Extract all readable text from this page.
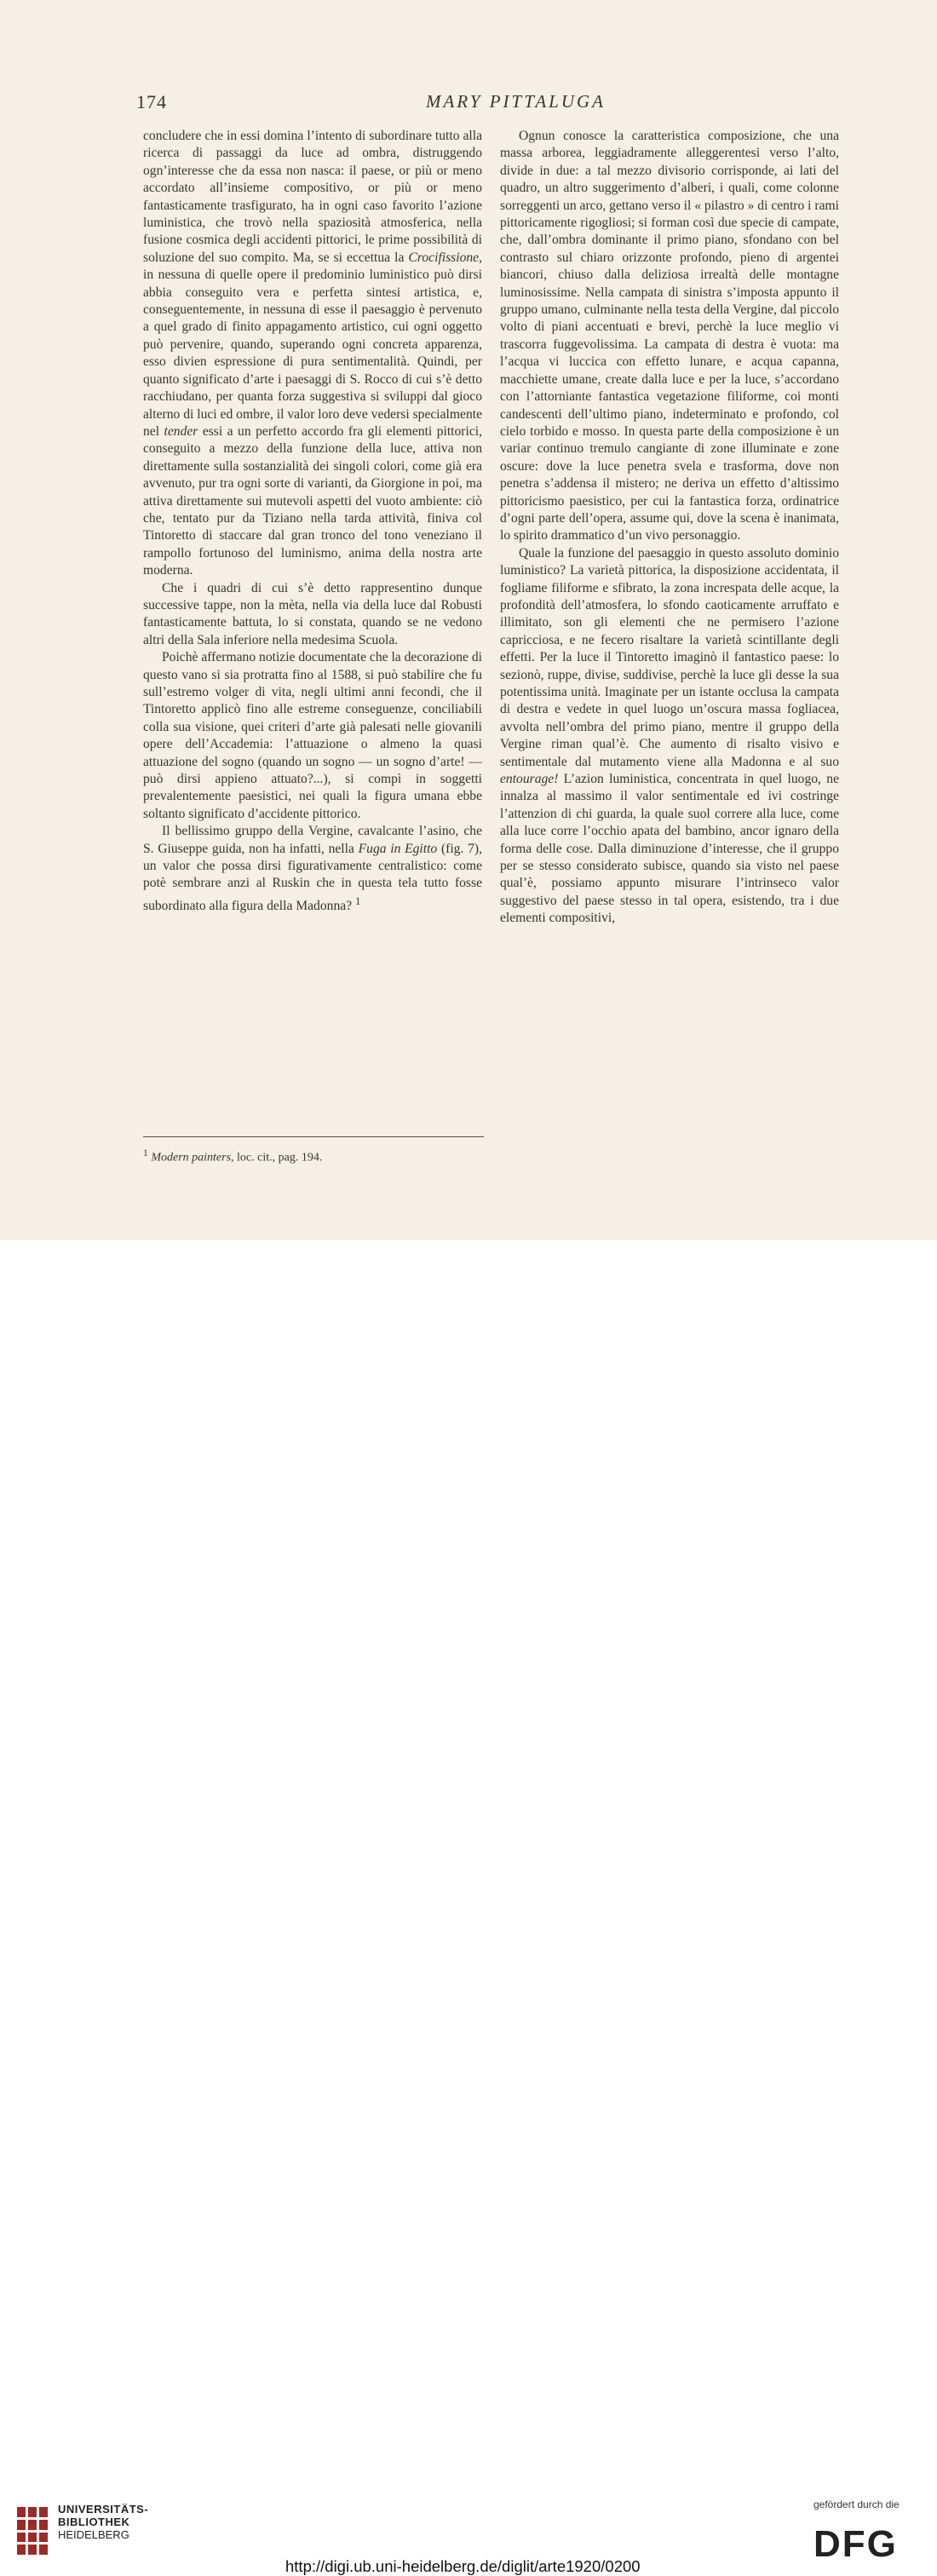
174	MARY PITTALUGA

concludere che in essi domina l’intento di subordinare tutto alla ricerca di passaggi da luce ad ombra, distruggendo ogn’interesse che da essa non nasca: il paese, or più or meno accordato all’insieme compositivo, or più or meno fantasticamente trasfigurato, ha in ogni caso favorito l’azione luministica, che trovò nella spaziosità atmosferica, nella fusione cosmica degli accidenti pittorici, le prime possibilità di soluzione del suo compito. Ma, se si eccettua la Crocifissione, in nessuna di quelle opere il predominio luministico può dirsi abbia conseguito vera e perfetta sintesi artistica, e, conseguentemente, in nessuna di esse il paesaggio è pervenuto a quel grado di finito appagamento artistico, cui ogni oggetto può pervenire, quando, superando ogni concreta apparenza, esso divien espressione di pura sentimentalità. Quindi, per quanto significato d’arte i paesaggi di S. Rocco di cui s’è detto racchiudano, per quanta forza suggestiva si sviluppi dal gioco alterno di luci ed ombre, il valor loro deve vedersi specialmente nel tender essi a un perfetto accordo fra gli elementi pittorici, conseguito a mezzo della funzione della luce, attiva non direttamente sulla sostanzialità dei singoli colori, come già era avvenuto, pur tra ogni sorte di varianti, da Giorgione in poi, ma attiva direttamente sui mutevoli aspetti del vuoto ambiente: ciò che, tentato pur da Tiziano nella tarda attività, finiva col Tintoretto di staccare dal gran tronco del tono veneziano il rampollo fortunoso del luminismo, anima della nostra arte moderna.

Che i quadri di cui s’è detto rappresentino dunque successive tappe, non la mèta, nella via della luce dal Robusti fantasticamente battuta, lo si constata, quando se ne vedono altri della Sala inferiore nella medesima Scuola.

Poichè affermano notizie documentate che la decorazione di questo vano si sia protratta fino al 1588, si può stabilire che fu sull’estremo volger di vita, negli ultimi anni fecondi, che il Tintoretto applicò fino alle estreme conseguenze, conciliabili colla sua visione, quei criteri d’arte già palesati nelle giovanili opere dell’Accademia: l’attuazione o almeno la quasi attuazione del sogno (quando un sogno — un sogno d’arte! — può dirsi appieno attuato?...), si compì in soggetti prevalentemente paesistici, nei quali la figura umana ebbe soltanto significato d’accidente pittorico.

Il bellissimo gruppo della Vergine, cavalcante l’asino, che S. Giuseppe guida, non ha infatti, nella Fuga in Egitto (fig. 7), un valor che possa dirsi figurativamente centralistico: come potè sembrare anzi al Ruskin che in questa tela tutto fosse subordinato alla figura della Madonna? $^1$

Ognun conosce la caratteristica composizione, che una massa arborea, leggiadramente alleggerentesi verso l’alto, divide in due: a tal mezzo divisorio corrisponde, ai lati del quadro, un altro suggerimento d’alberi, i quali, come colonne sorreggenti un arco, gettano verso il « pilastro » di centro i rami pittoricamente rigogliosi; si forman così due specie di campate, che, dall’ombra dominante il primo piano, sfondano con bel contrasto sul chiaro orizzonte profondo, pieno di argentei biancori, chiuso dalla deliziosa irrealtà delle montagne luminosissime. Nella campata di sinistra s’imposta appunto il gruppo umano, culminante nella testa della Vergine, dal piccolo volto di piani accentuati e brevi, perchè la luce meglio vi trascorra fuggevolissima. La campata di destra è vuota: ma l’acqua vi luccica con effetto lunare, e acqua capanna, macchiette umane, create dalla luce e per la luce, s’accordano con l’attorniante fantastica vegetazione filiforme, coi monti candescenti dell’ultimo piano, indeterminato e profondo, col cielo torbido e mosso. In questa parte della composizione è un variar continuo tremulo cangiante di zone illuminate e zone oscure: dove la luce penetra svela e trasforma, dove non penetra s’addensa il mistero; ne deriva un effetto d’altissimo pittoricismo paesistico, per cui la fantastica forza, ordinatrice d’ogni parte dell’opera, assume qui, dove la scena è inanimata, lo spirito drammatico d’un vivo personaggio.

Quale la funzione del paesaggio in questo assoluto dominio luministico? La varietà pittorica, la disposizione accidentata, il fogliame filiforme e sfibrato, la zona increspata delle acque, la profondità dell’atmosfera, lo sfondo caoticamente arruffato e illimitato, son gli elementi che ne permisero l’azione capricciosa, e ne fecero risaltare la varietà scintillante degli effetti. Per la luce il Tintoretto imaginò il fantastico paese: lo sezionò, ruppe, divise, suddivise, perchè la luce gli desse la sua potentissima unità. Imaginate per un istante occlusa la campata di destra e vedete in quel luogo un’oscura massa fogliacea, avvolta nell’ombra del primo piano, mentre il gruppo della Vergine riman qual’è. Che aumento di risalto visivo e sentimentale dal mutamento viene alla Madonna e al suo entourage! L’azion luministica, concentrata in quel luogo, ne innalza al massimo il valor sentimentale ed ivi costringe l’attenzion di chi guarda, la quale suol correre alla luce, come alla luce corre l’occhio apata del bambino, ancor ignaro della forma delle cose. Dalla diminuzione d’interesse, che il gruppo per se stesso considerato subisce, quando sia visto nel paese qual’è, possiamo appunto misurare l’intrinseco valor suggestivo del paese stesso in tal opera, esistendo, tra i due elementi compositivi,

$^1$ Modern painters, loc. cit., pag. 194.
UNIVERSITÄTS-
BIBLIOTHEK
HEIDELBERG
http://digi.ub.uni-heidelberg.de/diglit/arte1920/0200
gefördert durch die
DFG
